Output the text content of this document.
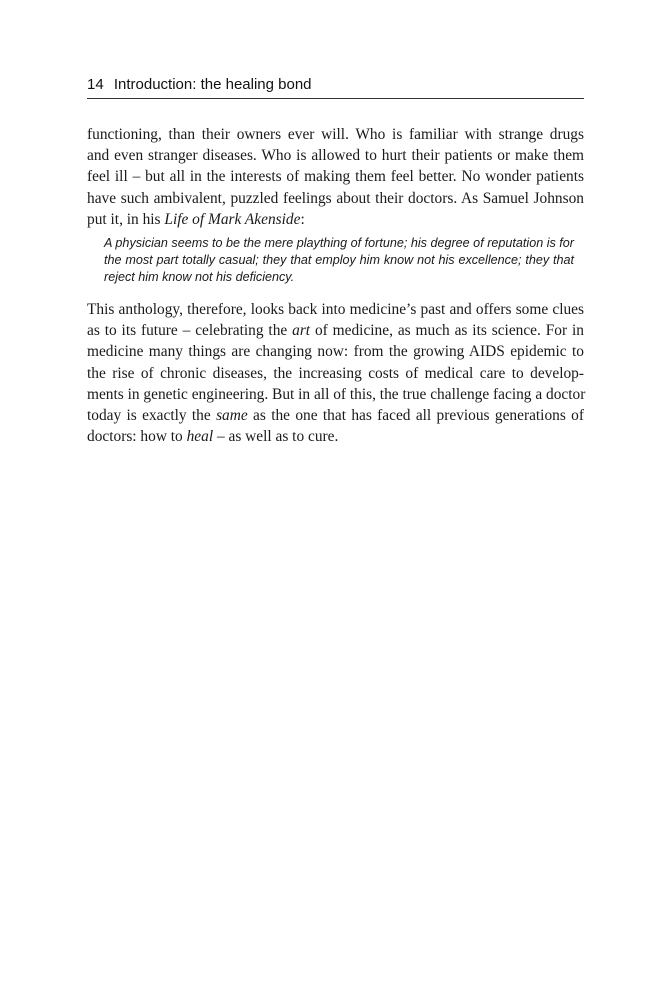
14 Introduction: the healing bond
functioning, than their owners ever will. Who is familiar with strange drugs
and even stranger diseases. Who is allowed to hurt their patients or make them
feel ill – but all in the interests of making them feel better. No wonder patients
have such ambivalent, puzzled feelings about their doctors. As Samuel Johnson
put it, in his Life of Mark Akenside:
A physician seems to be the mere plaything of fortune; his degree of reputation is for
the most part totally casual; they that employ him know not his excellence; they that
reject him know not his deficiency.
This anthology, therefore, looks back into medicine’s past and offers some clues
as to its future – celebrating the art of medicine, as much as its science. For in
medicine many things are changing now: from the growing AIDS epidemic to
the rise of chronic diseases, the increasing costs of medical care to develop-
ments in genetic engineering. But in all of this, the true challenge facing a doctor
today is exactly the same as the one that has faced all previous generations of
doctors: how to heal – as well as to cure.
